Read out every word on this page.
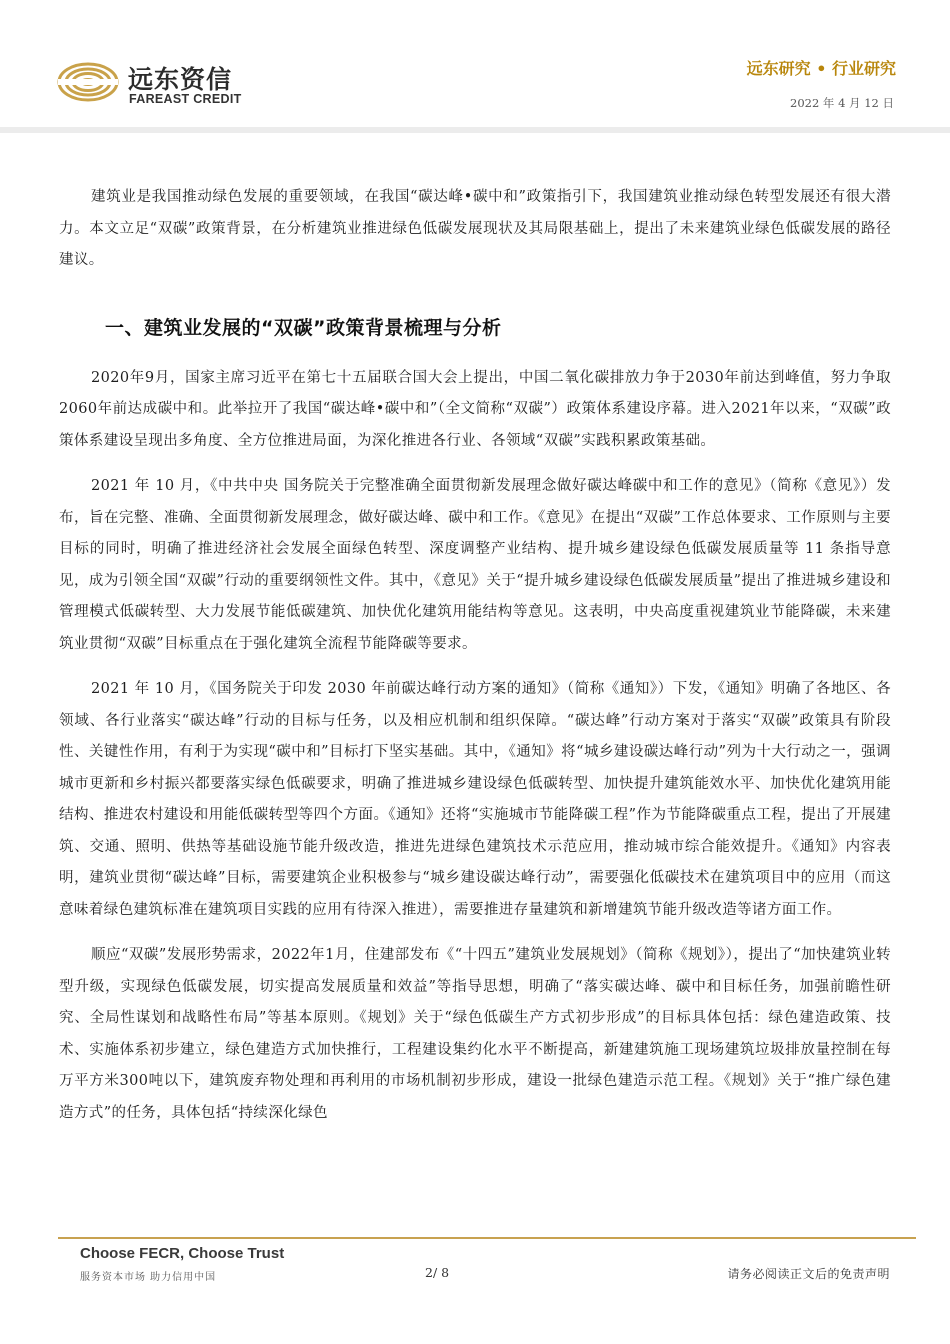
远东资信
FAREAST CREDIT
远东研究 • 行业研究
2022 年 4 月 12 日

建筑业是我国推动绿色发展的重要领域，在我国“碳达峰•碳中和”政策指引下，我国建筑业推动绿色转型发展还有很大潜力。本文立足“双碳”政策背景，在分析建筑业推进绿色低碳发展现状及其局限基础上，提出了未来建筑业绿色低碳发展的路径建议。

一、建筑业发展的“双碳”政策背景梳理与分析

2020年9月，国家主席习近平在第七十五届联合国大会上提出，中国二氧化碳排放力争于2030年前达到峰值，努力争取2060年前达成碳中和。此举拉开了我国“碳达峰•碳中和”（全文简称“双碳”）政策体系建设序幕。进入2021年以来，“双碳”政策体系建设呈现出多角度、全方位推进局面，为深化推进各行业、各领域“双碳”实践积累政策基础。

2021 年 10 月，《中共中央 国务院关于完整准确全面贯彻新发展理念做好碳达峰碳中和工作的意见》（简称《意见》）发布，旨在完整、准确、全面贯彻新发展理念，做好碳达峰、碳中和工作。《意见》在提出“双碳”工作总体要求、工作原则与主要目标的同时，明确了推进经济社会发展全面绿色转型、深度调整产业结构、提升城乡建设绿色低碳发展质量等 11 条指导意见，成为引领全国“双碳”行动的重要纲领性文件。其中，《意见》关于“提升城乡建设绿色低碳发展质量”提出了推进城乡建设和管理模式低碳转型、大力发展节能低碳建筑、加快优化建筑用能结构等意见。这表明，中央高度重视建筑业节能降碳，未来建筑业贯彻“双碳”目标重点在于强化建筑全流程节能降碳等要求。

2021 年 10 月，《国务院关于印发 2030 年前碳达峰行动方案的通知》（简称《通知》）下发，《通知》明确了各地区、各领域、各行业落实“碳达峰”行动的目标与任务，以及相应机制和组织保障。“碳达峰”行动方案对于落实“双碳”政策具有阶段性、关键性作用，有利于为实现“碳中和”目标打下坚实基础。其中，《通知》将“城乡建设碳达峰行动”列为十大行动之一，强调城市更新和乡村振兴都要落实绿色低碳要求，明确了推进城乡建设绿色低碳转型、加快提升建筑能效水平、加快优化建筑用能结构、推进农村建设和用能低碳转型等四个方面。《通知》还将“实施城市节能降碳工程”作为节能降碳重点工程，提出了开展建筑、交通、照明、供热等基础设施节能升级改造，推进先进绿色建筑技术示范应用，推动城市综合能效提升。《通知》内容表明，建筑业贯彻“碳达峰”目标，需要建筑企业积极参与“城乡建设碳达峰行动”，需要强化低碳技术在建筑项目中的应用（而这意味着绿色建筑标准在建筑项目实践的应用有待深入推进），需要推进存量建筑和新增建筑节能升级改造等诸方面工作。

顺应“双碳”发展形势需求，2022年1月，住建部发布《“十四五”建筑业发展规划》（简称《规划》），提出了“加快建筑业转型升级，实现绿色低碳发展，切实提高发展质量和效益”等指导思想，明确了“落实碳达峰、碳中和目标任务，加强前瞻性研究、全局性谋划和战略性布局”等基本原则。《规划》关于“绿色低碳生产方式初步形成”的目标具体包括：绿色建造政策、技术、实施体系初步建立，绿色建造方式加快推行，工程建设集约化水平不断提高，新建建筑施工现场建筑垃圾排放量控制在每万平方米300吨以下，建筑废弃物处理和再利用的市场机制初步形成，建设一批绿色建造示范工程。《规划》关于“推广绿色建造方式”的任务，具体包括“持续深化绿色

Choose FECR, Choose Trust
服务资本市场 助力信用中国	2/ 8	请务必阅读正文后的免责声明
